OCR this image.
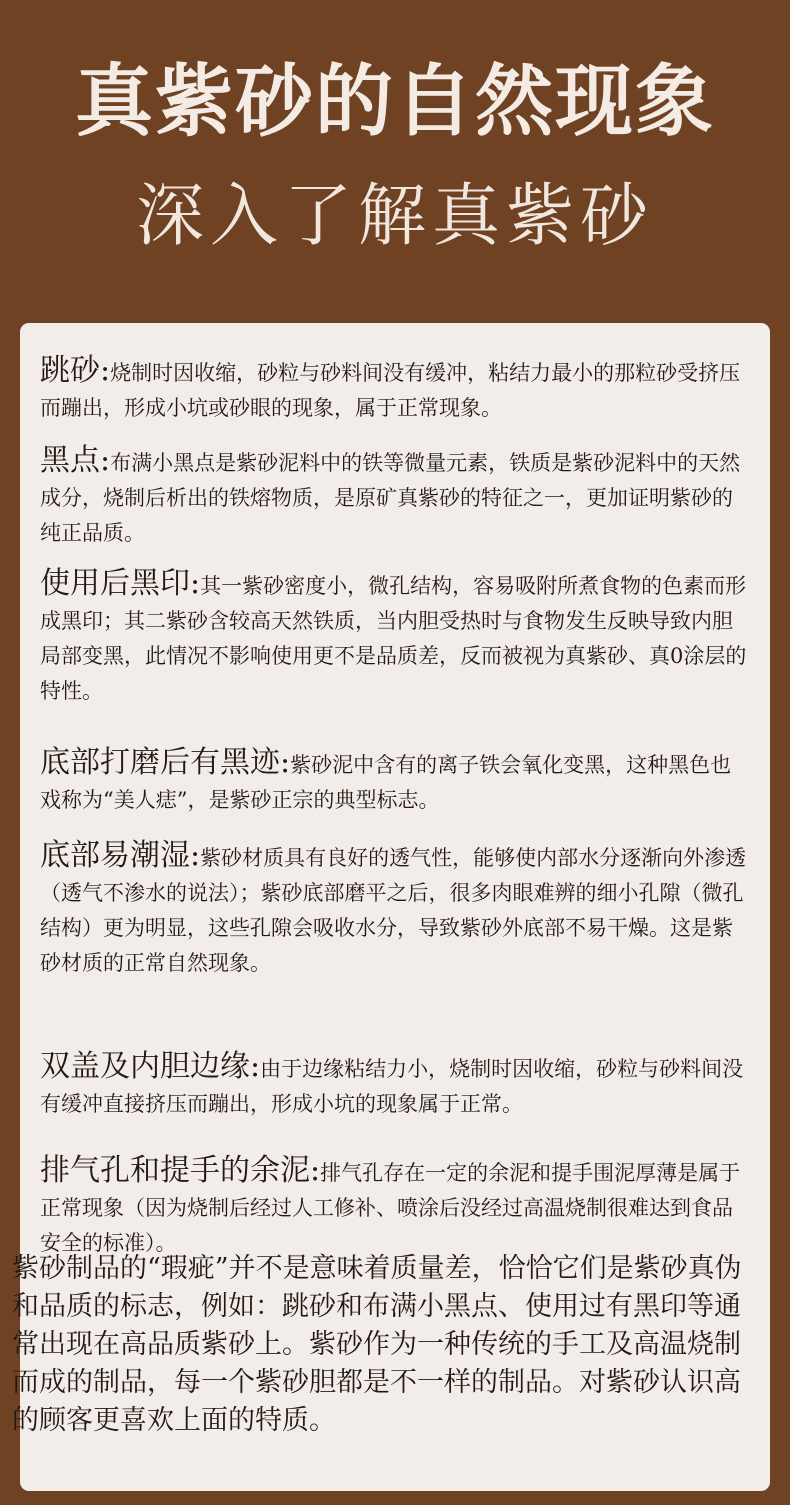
真紫砂的自然现象
深入了解真紫砂
跳砂:烧制时因收缩，砂粒与砂料间没有缓冲，粘结力最小的那粒砂受挤压而蹦出，形成小坑或砂眼的现象，属于正常现象。
黑点:布满小黑点是紫砂泥料中的铁等微量元素，铁质是紫砂泥料中的天然成分，烧制后析出的铁熔物质，是原矿真紫砂的特征之一，更加证明紫砂的纯正品质。
使用后黑印:其一紫砂密度小，微孔结构，容易吸附所煮食物的色素而形成黑印；其二紫砂含较高天然铁质，当内胆受热时与食物发生反映导致内胆局部变黑，此情况不影响使用更不是品质差，反而被视为真紫砂、真0涂层的特性。
底部打磨后有黑迹:紫砂泥中含有的离子铁会氧化变黑，这种黑色也戏称为“美人痣”，是紫砂正宗的典型标志。
底部易潮湿:紫砂材质具有良好的透气性，能够使内部水分逐渐向外渗透（透气不渗水的说法）；紫砂底部磨平之后，很多肉眼难辨的细小孔隙（微孔结构）更为明显，这些孔隙会吸收水分，导致紫砂外底部不易干燥。这是紫砂材质的正常自然现象。
双盖及内胆边缘:由于边缘粘结力小，烧制时因收缩，砂粒与砂料间没有缓冲直接挤压而蹦出，形成小坑的现象属于正常。
排气孔和提手的余泥:排气孔存在一定的余泥和提手围泥厚薄是属于正常现象（因为烧制后经过人工修补、喷涂后没经过高温烧制很难达到食品安全的标准）。
紫砂制品的“瑕疵”并不是意味着质量差，恰恰它们是紫砂真伪和品质的标志，例如：跳砂和布满小黑点、使用过有黑印等通常出现在高品质紫砂上。紫砂作为一种传统的手工及高温烧制而成的制品，每一个紫砂胆都是不一样的制品。对紫砂认识高的顾客更喜欢上面的特质。
